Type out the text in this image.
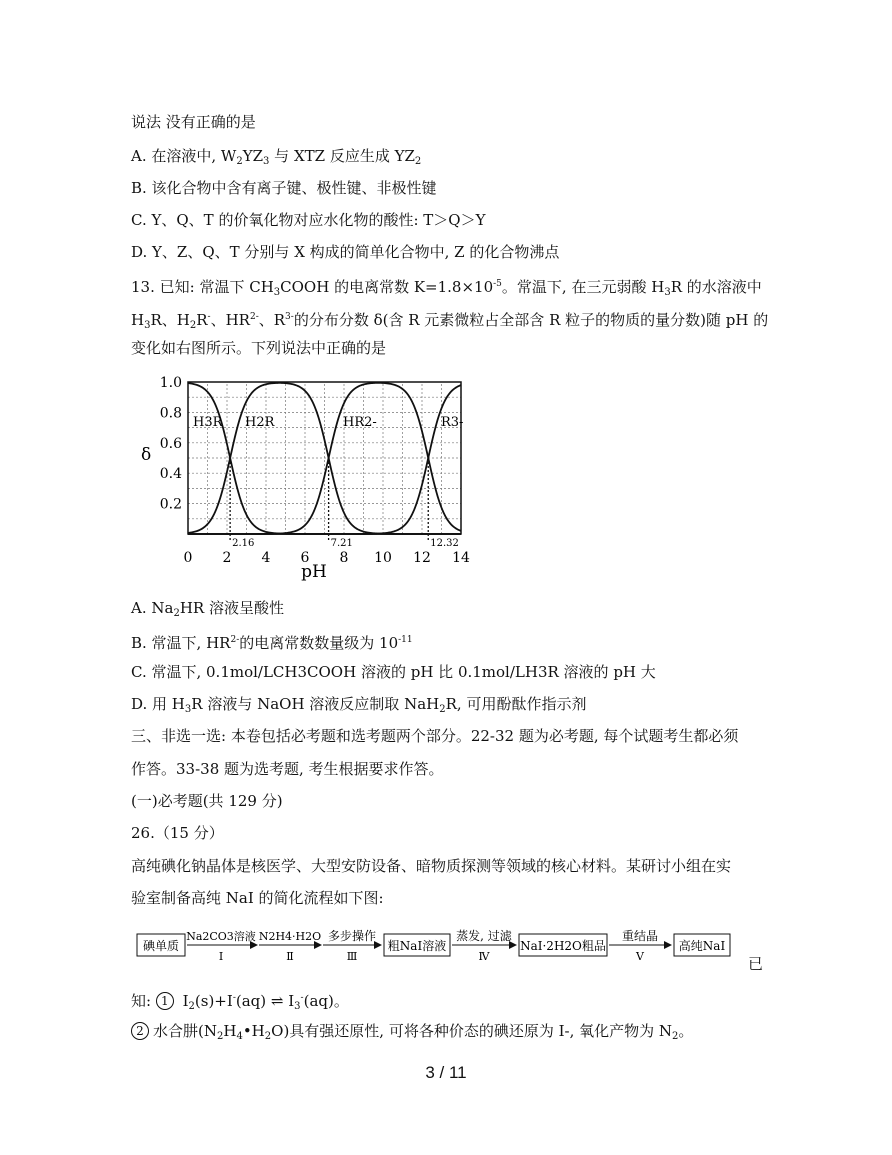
说法 没有正确的是
A. 在溶液中, $W_2YZ_3$ 与 XTZ 反应生成 $YZ_2$
B. 该化合物中含有离子键、极性键、非极性键
C. Y、Q、T 的价氧化物对应水化物的酸性: T＞Q＞Y
D. Y、Z、Q、T 分别与 X 构成的简单化合物中, Z 的化合物沸点
13. 已知: 常温下 $CH_3COOH$ 的电离常数 $K=1.8\times 10^{-5}$。常温下, 在三元弱酸 $H_3R$ 的水溶液中
$H_3R$、$H_2R^-$、$HR^{2-}$、$R^{3-}$的分布分数 δ(含 R 元素微粒占全部含 R 粒子的物质的量分数)随 pH 的
变化如右图所示。下列说法中正确的是
2.16	7.21	12.32
0 2 4 6 8 10 12 14
0.2
0.4
0.6
0.8
1.0
δ
pH
H3R H2R	HR2-	R3-
A. $Na_2HR$ 溶液呈酸性
B. 常温下, $HR^{2-}$的电离常数数量级为 $10^{-11}$
C. 常温下, 0.1mol/LCH3COOH 溶液的 pH 比 0.1mol/LH3R 溶液的 pH 大
D. 用 $H_3R$ 溶液与 NaOH 溶液反应制取 NaH$_2$R, 可用酚酞作指示剂
三、非选一选: 本卷包括必考题和选考题两个部分。22-32 题为必考题, 每个试题考生都必须
作答。33-38 题为选考题, 考生根据要求作答。
(一)必考题(共 129 分)
26.（15 分）
高纯碘化钠晶体是核医学、大型安防设备、暗物质探测等领域的核心材料。某研讨小组在实
验室制备高纯 NaI 的简化流程如下图:
碘单质
Na2CO3溶液
Ⅰ
N2H4·H2O
Ⅱ
多步操作
Ⅲ
粗NaI溶液
蒸发, 过滤
Ⅳ
NaI·2H2O粗品
重结晶
Ⅴ
高纯NaI
已
知: 1 $I_2(s)+I^-(aq)$ ⇌ $I_3^-(aq)$。
2 水合肼$(N_2H_4•H_2O)$具有强还原性, 可将各种价态的碘还原为 I-, 氧化产物为 $N_2$。
3 / 11
